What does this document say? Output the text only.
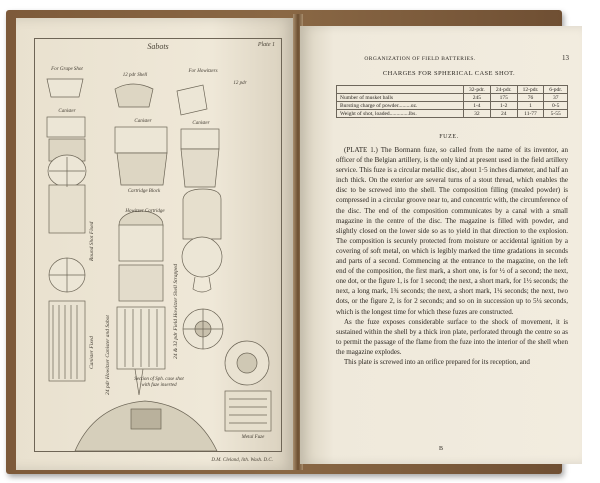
Sabots	Plate 1
For Grape Shot	For Howitzers
12 pdr
12 pdr Shell
Canister
Canister	Canister
Cartridge Block
Howitzer Cartridge
Round Shot Fixed
Canister Fixed 24 pdr Howitzer Canister and Sabot	24 & 32 pdr Field Howitzer Shell Strapped
Section of Sph. case shot with fuze inserted
Metal Fuze
D.M. Cleland, lith. Wash. D.C.
ORGANIZATION OF FIELD BATTERIES.	13
CHARGES FOR SPHERICAL CASE SHOT.
	32-pdr.	24-pdr.	12-pdr.	6-pdr.
Number of musket balls	245	175	76	37
Bursting charge of powder.........oz.	1-4	1-2	1	0-5
Weight of shot, loaded..............lbs.	32	24	11-77	5-55
FUZE.

(PLATE 1.) The Bormann fuze, so called from the name of its inventor, an officer of the Belgian artillery, is the only kind at present used in the field artillery service. This fuze is a circular metallic disc, about 1·5 inches diameter, and half an inch thick. On the exterior are several turns of a stout thread, which enables the disc to be screwed into the shell. The composition filling (mealed powder) is compressed in a circular groove near to, and concentric with, the circumference of the disc. The end of the composition communicates by a canal with a small magazine in the centre of the disc. The magazine is filled with powder, and slightly closed on the lower side so as to yield in that direction to the explosion. The composition is securely protected from moisture or accidental ignition by a covering of soft metal, on which is legibly marked the time gradations in seconds and parts of a second. Commencing at the entrance to the magazine, on the left end of the composition, the first mark, a short one, is for ½ of a second; the next, one dot, or the figure 1, is for 1 second; the next, a short mark, for 1½ seconds; the next, a long mark, 1¾ seconds; the next, a short mark, 1¼ seconds; the next, two dots, or the figure 2, is for 2 seconds; and so on in succession up to 5¼ seconds, which is the longest time for which these fuzes are constructed.

As the fuze exposes considerable surface to the shock of movement, it is sustained within the shell by a thick iron plate, perforated through the centre so as to permit the passage of the flame from the fuze into the interior of the shell when the magazine explodes.

This plate is screwed into an orifice prepared for its reception, and

B
